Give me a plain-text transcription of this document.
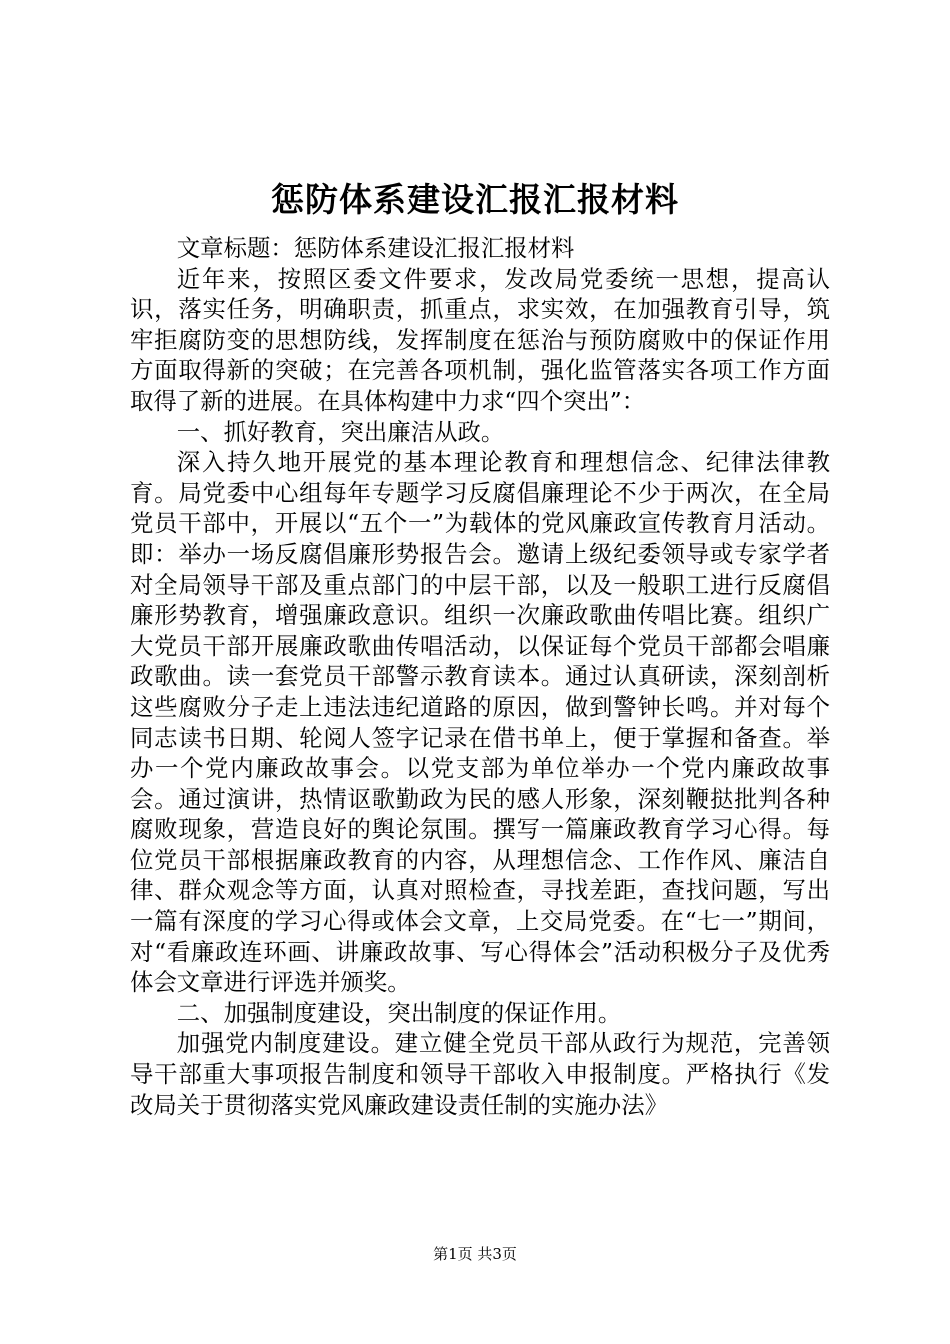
惩防体系建设汇报汇报材料

文章标题：惩防体系建设汇报汇报材料

近年来，按照区委文件要求，发改局党委统一思想，提高认识，落实任务，明确职责，抓重点，求实效，在加强教育引导，筑牢拒腐防变的思想防线，发挥制度在惩治与预防腐败中的保证作用方面取得新的突破；在完善各项机制，强化监管落实各项工作方面取得了新的进展。在具体构建中力求“四个突出”：

一、抓好教育，突出廉洁从政。

深入持久地开展党的基本理论教育和理想信念、纪律法律教育。局党委中心组每年专题学习反腐倡廉理论不少于两次，在全局党员干部中，开展以“五个一”为载体的党风廉政宣传教育月活动。即：举办一场反腐倡廉形势报告会。邀请上级纪委领导或专家学者对全局领导干部及重点部门的中层干部，以及一般职工进行反腐倡廉形势教育，增强廉政意识。组织一次廉政歌曲传唱比赛。组织广大党员干部开展廉政歌曲传唱活动，以保证每个党员干部都会唱廉政歌曲。读一套党员干部警示教育读本。通过认真研读，深刻剖析这些腐败分子走上违法违纪道路的原因，做到警钟长鸣。并对每个同志读书日期、轮阅人签字记录在借书单上，便于掌握和备查。举办一个党内廉政故事会。以党支部为单位举办一个党内廉政故事会。通过演讲，热情讴歌勤政为民的感人形象，深刻鞭挞批判各种腐败现象，营造良好的舆论氛围。撰写一篇廉政教育学习心得。每位党员干部根据廉政教育的内容，从理想信念、工作作风、廉洁自律、群众观念等方面，认真对照检查，寻找差距，查找问题，写出一篇有深度的学习心得或体会文章，上交局党委。在“七一”期间，对“看廉政连环画、讲廉政故事、写心得体会”活动积极分子及优秀体会文章进行评选并颁奖。

二、加强制度建设，突出制度的保证作用。

加强党内制度建设。建立健全党员干部从政行为规范，完善领导干部重大事项报告制度和领导干部收入申报制度。严格执行《发改局关于贯彻落实党风廉政建设责任制的实施办法》

第1页 共3页
